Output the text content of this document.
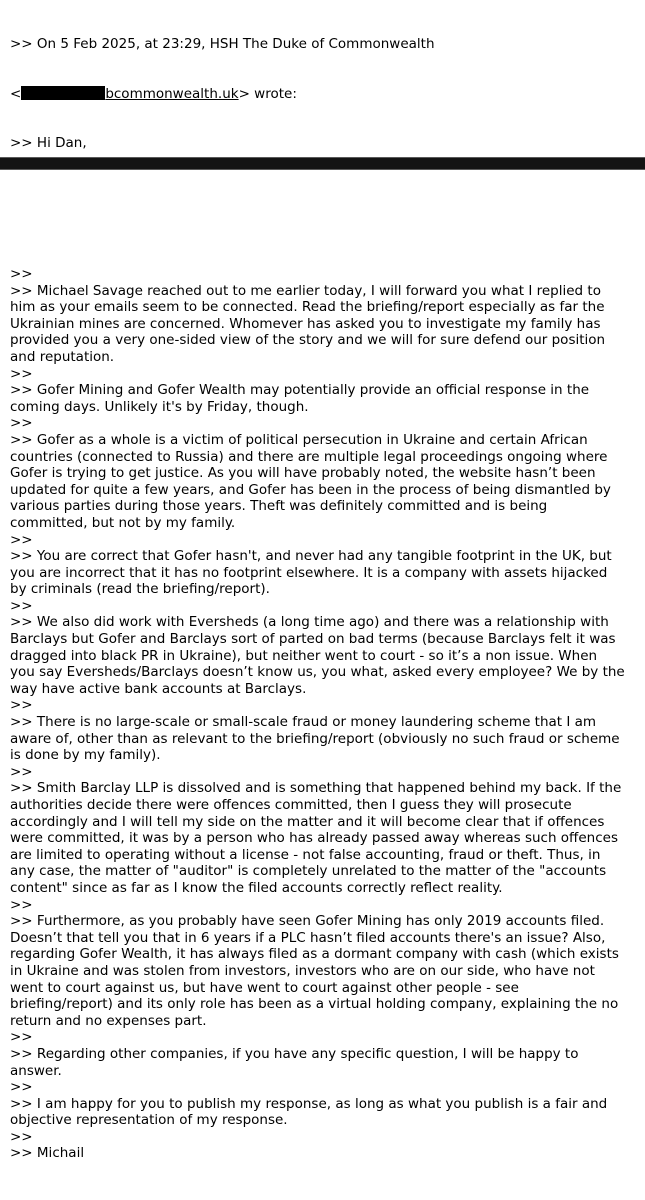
>> On 5 Feb 2025, at 23:29, HSH The Duke of Commonwealth

<	bcommonwealth.uk> wrote:

>> Hi Dan,

>>
>> Michael Savage reached out to me earlier today, I will forward you what I replied to
him as your emails seem to be connected. Read the briefing/report especially as far the
Ukrainian mines are concerned. Whomever has asked you to investigate my family has
provided you a very one-sided view of the story and we will for sure defend our position
and reputation.
>>
>> Gofer Mining and Gofer Wealth may potentially provide an official response in the
coming days. Unlikely it's by Friday, though.
>>
>> Gofer as a whole is a victim of political persecution in Ukraine and certain African
countries (connected to Russia) and there are multiple legal proceedings ongoing where
Gofer is trying to get justice. As you will have probably noted, the website hasn’t been
updated for quite a few years, and Gofer has been in the process of being dismantled by
various parties during those years. Theft was definitely committed and is being
committed, but not by my family.
>>
>> You are correct that Gofer hasn't, and never had any tangible footprint in the UK, but
you are incorrect that it has no footprint elsewhere. It is a company with assets hijacked
by criminals (read the briefing/report).
>>
>> We also did work with Eversheds (a long time ago) and there was a relationship with
Barclays but Gofer and Barclays sort of parted on bad terms (because Barclays felt it was
dragged into black PR in Ukraine), but neither went to court - so it’s a non issue. When
you say Eversheds/Barclays doesn’t know us, you what, asked every employee? We by the
way have active bank accounts at Barclays.
>>
>> There is no large-scale or small-scale fraud or money laundering scheme that I am
aware of, other than as relevant to the briefing/report (obviously no such fraud or scheme
is done by my family).
>>
>> Smith Barclay LLP is dissolved and is something that happened behind my back. If the
authorities decide there were offences committed, then I guess they will prosecute
accordingly and I will tell my side on the matter and it will become clear that if offences
were committed, it was by a person who has already passed away whereas such offences
are limited to operating without a license - not false accounting, fraud or theft. Thus, in
any case, the matter of "auditor" is completely unrelated to the matter of the "accounts
content" since as far as I know the filed accounts correctly reflect reality.
>>
>> Furthermore, as you probably have seen Gofer Mining has only 2019 accounts filed.
Doesn’t that tell you that in 6 years if a PLC hasn’t filed accounts there's an issue? Also,
regarding Gofer Wealth, it has always filed as a dormant company with cash (which exists
in Ukraine and was stolen from investors, investors who are on our side, who have not
went to court against us, but have went to court against other people - see
briefing/report) and its only role has been as a virtual holding company, explaining the no
return and no expenses part.
>>
>> Regarding other companies, if you have any specific question, I will be happy to
answer.
>>
>> I am happy for you to publish my response, as long as what you publish is a fair and
objective representation of my response.
>>
>> Michail
